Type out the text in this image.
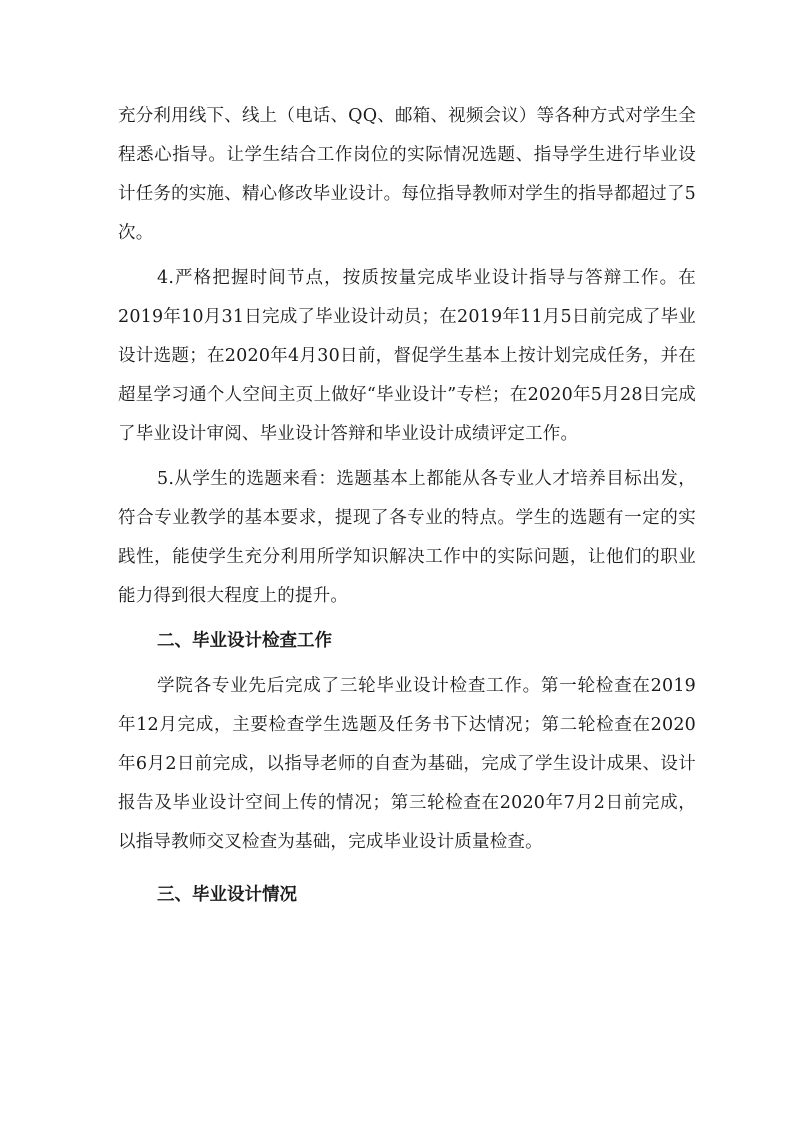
充分利用线下、线上（电话、QQ、邮箱、视频会议）等各种方式对学生全程悉心指导。让学生结合工作岗位的实际情况选题、指导学生进行毕业设计任务的实施、精心修改毕业设计。每位指导教师对学生的指导都超过了5次。

4.严格把握时间节点，按质按量完成毕业设计指导与答辩工作。在2019年10月31日完成了毕业设计动员；在2019年11月5日前完成了毕业设计选题；在2020年4月30日前，督促学生基本上按计划完成任务，并在超星学习通个人空间主页上做好“毕业设计”专栏；在2020年5月28日完成了毕业设计审阅、毕业设计答辩和毕业设计成绩评定工作。

5.从学生的选题来看：选题基本上都能从各专业人才培养目标出发，符合专业教学的基本要求，提现了各专业的特点。学生的选题有一定的实践性，能使学生充分利用所学知识解决工作中的实际问题，让他们的职业能力得到很大程度上的提升。

二、毕业设计检查工作

学院各专业先后完成了三轮毕业设计检查工作。第一轮检查在2019年12月完成，主要检查学生选题及任务书下达情况；第二轮检查在2020年6月2日前完成，以指导老师的自查为基础，完成了学生设计成果、设计报告及毕业设计空间上传的情况；第三轮检查在2020年7月2日前完成，以指导教师交叉检查为基础，完成毕业设计质量检查。

三、毕业设计情况
